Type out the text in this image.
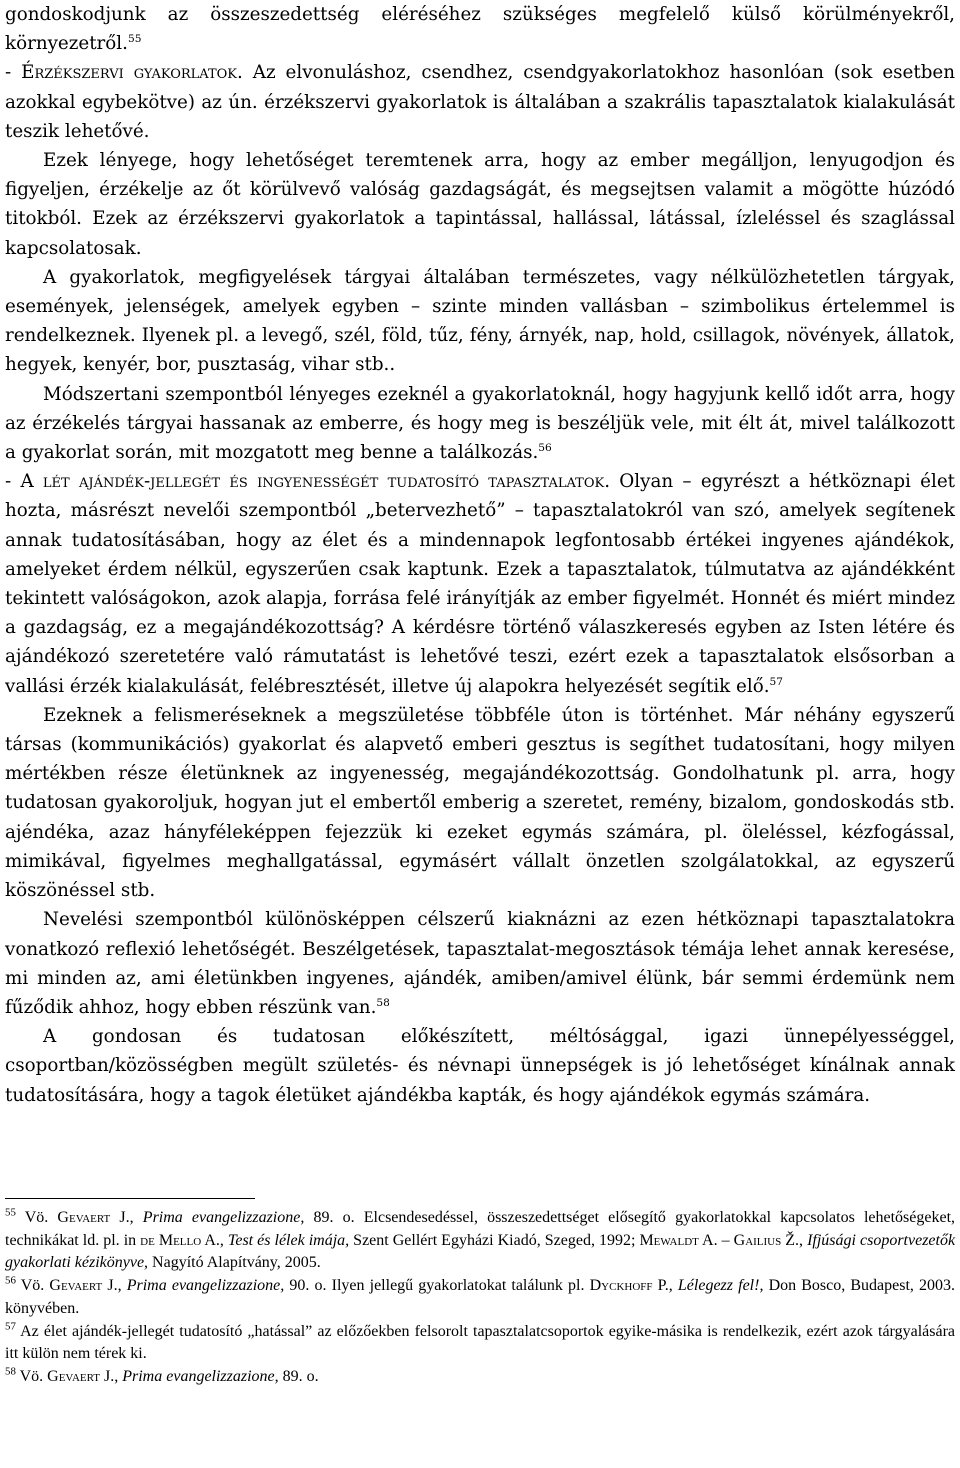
gondoskodjunk az összeszedettség eléréséhez szükséges megfelelő külső körülményekről, környezetről.$^{55}$

- Érzékszervi gyakorlatok. Az elvonuláshoz, csendhez, csendgyakorlatokhoz hasonlóan (sok esetben azokkal egybekötve) az ún. érzékszervi gyakorlatok is általában a szakrális tapasztalatok kialakulását teszik lehetővé.

Ezek lényege, hogy lehetőséget teremtenek arra, hogy az ember megálljon, lenyugodjon és figyeljen, érzékelje az őt körülvevő valóság gazdagságát, és megsejtsen valamit a mögötte húzódó titokból. Ezek az érzékszervi gyakorlatok a tapintással, hallással, látással, ízleléssel és szaglással kapcsolatosak.

A gyakorlatok, megfigyelések tárgyai általában természetes, vagy nélkülözhetetlen tárgyak, események, jelenségek, amelyek egyben – szinte minden vallásban – szimbolikus értelemmel is rendelkeznek. Ilyenek pl. a levegő, szél, föld, tűz, fény, árnyék, nap, hold, csillagok, növények, állatok, hegyek, kenyér, bor, pusztaság, vihar stb..

Módszertani szempontból lényeges ezeknél a gyakorlatoknál, hogy hagyjunk kellő időt arra, hogy az érzékelés tárgyai hassanak az emberre, és hogy meg is beszéljük vele, mit élt át, mivel találkozott a gyakorlat során, mit mozgatott meg benne a találkozás.$^{56}$

- A lét ajándék-jellegét és ingyenességét tudatosító tapasztalatok. Olyan – egyrészt a hétköznapi élet hozta, másrészt nevelői szempontból „betervezhető” – tapasztalatokról van szó, amelyek segítenek annak tudatosításában, hogy az élet és a mindennapok legfontosabb értékei ingyenes ajándékok, amelyeket érdem nélkül, egyszerűen csak kaptunk. Ezek a tapasztalatok, túlmutatva az ajándékként tekintett valóságokon, azok alapja, forrása felé irányítják az ember figyelmét. Honnét és miért mindez a gazdagság, ez a megajándékozottság? A kérdésre történő válaszkeresés egyben az Isten létére és ajándékozó szeretetére való rámutatást is lehetővé teszi, ezért ezek a tapasztalatok elsősorban a vallási érzék kialakulását, felébresztését, illetve új alapokra helyezését segítik elő.$^{57}$

Ezeknek a felismeréseknek a megszületése többféle úton is történhet. Már néhány egyszerű társas (kommunikációs) gyakorlat és alapvető emberi gesztus is segíthet tudatosítani, hogy milyen mértékben része életünknek az ingyenesség, megajándékozottság. Gondolhatunk pl. arra, hogy tudatosan gyakoroljuk, hogyan jut el embertől emberig a szeretet, remény, bizalom, gondoskodás stb. ajéndéka, azaz hányféleképpen fejezzük ki ezeket egymás számára, pl. öleléssel, kézfogással, mimikával, figyelmes meghallgatással, egymásért vállalt önzetlen szolgálatokkal, az egyszerű köszönéssel stb.

Nevelési szempontból különösképpen célszerű kiaknázni az ezen hétköznapi tapasztalatokra vonatkozó reflexió lehetőségét. Beszélgetések, tapasztalat-megosztások témája lehet annak keresése, mi minden az, ami életünkben ingyenes, ajándék, amiben/amivel élünk, bár semmi érdemünk nem fűződik ahhoz, hogy ebben részünk van.$^{58}$

A gondosan és tudatosan előkészített, méltósággal, igazi ünnepélyességgel, csoportban/közösségben megült születés- és névnapi ünnepségek is jó lehetőséget kínálnak annak tudatosítására, hogy a tagok életüket ajándékba kapták, és hogy ajándékok egymás számára.

$^{55}$ Vö. Gevaert J., Prima evangelizzazione, 89. o. Elcsendesedéssel, összeszedettséget elősegítő gyakorlatokkal kapcsolatos lehetőségeket, technikákat ld. pl. in de Mello A., Test és lélek imája, Szent Gellért Egyházi Kiadó, Szeged, 1992; Mewaldt A. – Gailius Ž., Ifjúsági csoportvezetők gyakorlati kézikönyve, Nagyító Alapítvány, 2005.

$^{56}$ Vö. Gevaert J., Prima evangelizzazione, 90. o. Ilyen jellegű gyakorlatokat találunk pl. Dyckhoff P., Lélegezz fel!, Don Bosco, Budapest, 2003. könyvében.

$^{57}$ Az élet ajándék-jellegét tudatosító „hatással” az előzőekben felsorolt tapasztalatcsoportok egyike-másika is rendelkezik, ezért azok tárgyalására itt külön nem térek ki.

$^{58}$ Vö. Gevaert J., Prima evangelizzazione, 89. o.
